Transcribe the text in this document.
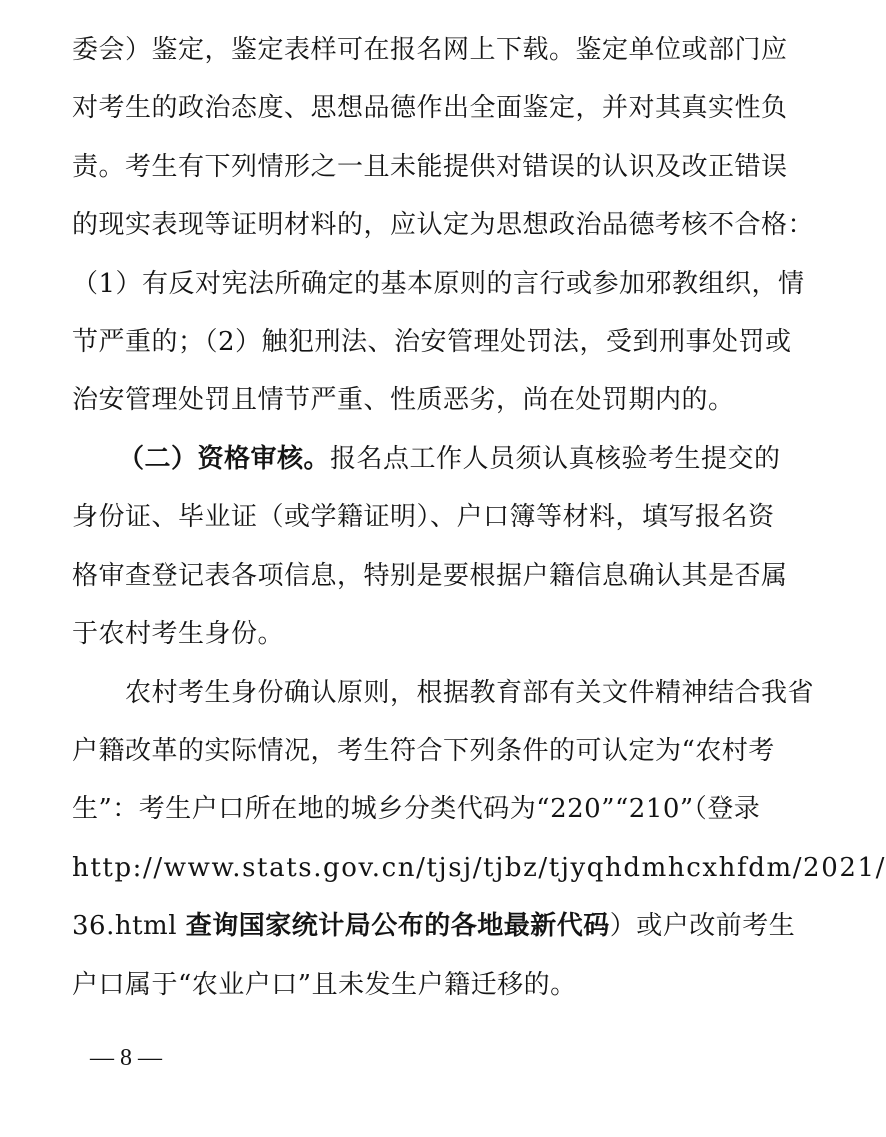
委会）鉴定，鉴定表样可在报名网上下载。鉴定单位或部门应
对考生的政治态度、思想品德作出全面鉴定，并对其真实性负
责。考生有下列情形之一且未能提供对错误的认识及改正错误
的现实表现等证明材料的，应认定为思想政治品德考核不合格：
（1）有反对宪法所确定的基本原则的言行或参加邪教组织，情
节严重的；（2）触犯刑法、治安管理处罚法，受到刑事处罚或
治安管理处罚且情节严重、性质恶劣，尚在处罚期内的。
（二）资格审核。报名点工作人员须认真核验考生提交的
身份证、毕业证（或学籍证明）、户口簿等材料，填写报名资
格审查登记表各项信息，特别是要根据户籍信息确认其是否属
于农村考生身份。
农村考生身份确认原则，根据教育部有关文件精神结合我省
户籍改革的实际情况，考生符合下列条件的可认定为“农村考
生”：考生户口所在地的城乡分类代码为“220”“210”（登录
http://www.stats.gov.cn/tjsj/tjbz/tjyqhdmhcxhfdm/2021/
36.html 查询国家统计局公布的各地最新代码）或户改前考生
户口属于“农业户口”且未发生户籍迁移的。
— 8 —
